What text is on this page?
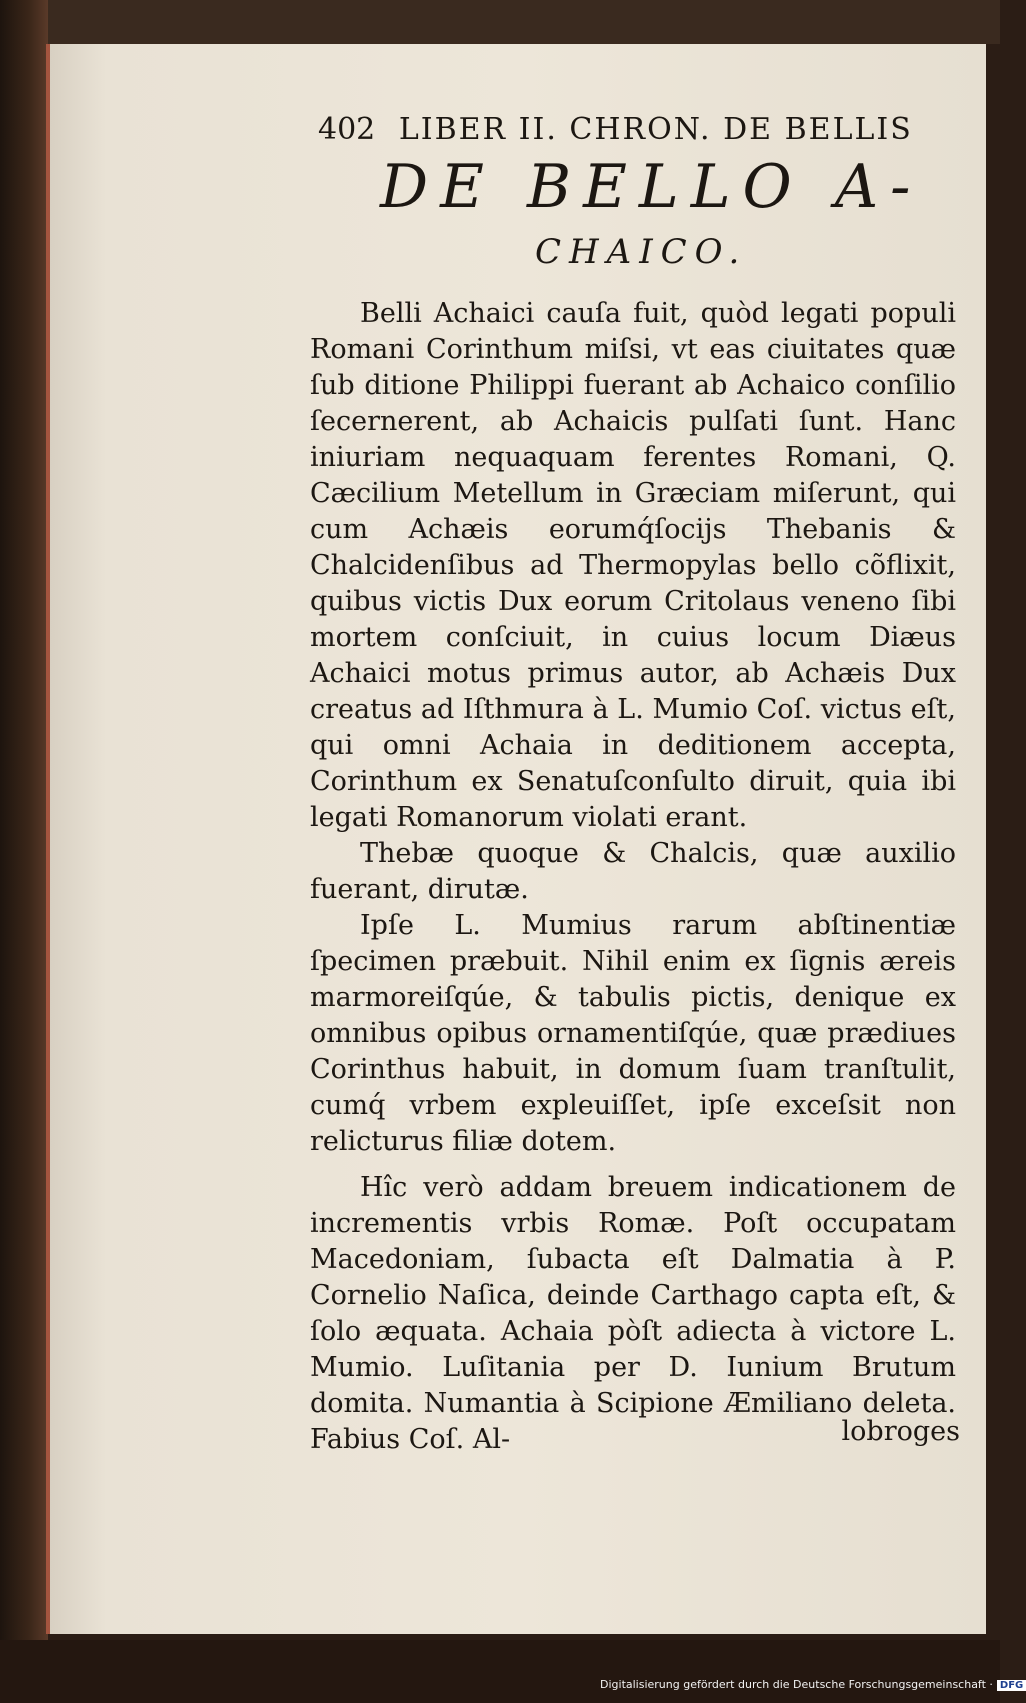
402 LIBER II. CHRON. DE BELLIS
DE BELLO A-
CHAICO.

Belli Achaici cauſa fuit, quòd legati populi Romani Corinthum miſsi, vt eas ciuitates quæ ſub ditione Philippi fuerant ab Achaico conſilio ſecernerent, ab Achaicis pulſati ſunt. Hanc iniuriam nequaquam ferentes Romani, Q. Cæcilium Metellum in Græciam miſerunt, qui cum Achæis eorumq́ſocijs Thebanis & Chalcidenſibus ad Thermopylas bello cõflixit, quibus victis Dux eorum Critolaus veneno ſibi mortem conſciuit, in cuius locum Diæus Achaici motus primus autor, ab Achæis Dux creatus ad Iſthmura à L. Mumio Coſ. victus eſt, qui omni Achaia in deditionem accepta, Corinthum ex Senatuſconſulto diruit, quia ibi legati Romanorum violati erant.

Thebæ quoque & Chalcis, quæ auxilio fuerant, dirutæ.

Ipſe L. Mumius rarum abſtinentiæ ſpecimen præbuit. Nihil enim ex ſignis æreis marmoreiſqúe, & tabulis pictis, denique ex omnibus opibus ornamentiſqúe, quæ prædiues Corinthus habuit, in domum ſuam tranſtulit, cumq́ vrbem expleuiſſet, ipſe exceſsit non relicturus filiæ dotem.

Hîc verò addam breuem indicationem de incrementis vrbis Romæ. Poſt occupatam Macedoniam, ſubacta eſt Dalmatia à P. Cornelio Naſica, deinde Carthago capta eſt, & ſolo æquata. Achaia pòſt adiecta à victore L. Mumio. Luſitania per D. Iunium Brutum domita. Numantia à Scipione Æmiliano deleta. Fabius Coſ. Al-	lobroges
Digitalisierung gefördert durch die Deutsche Forschungsgemeinschaft · DFG
